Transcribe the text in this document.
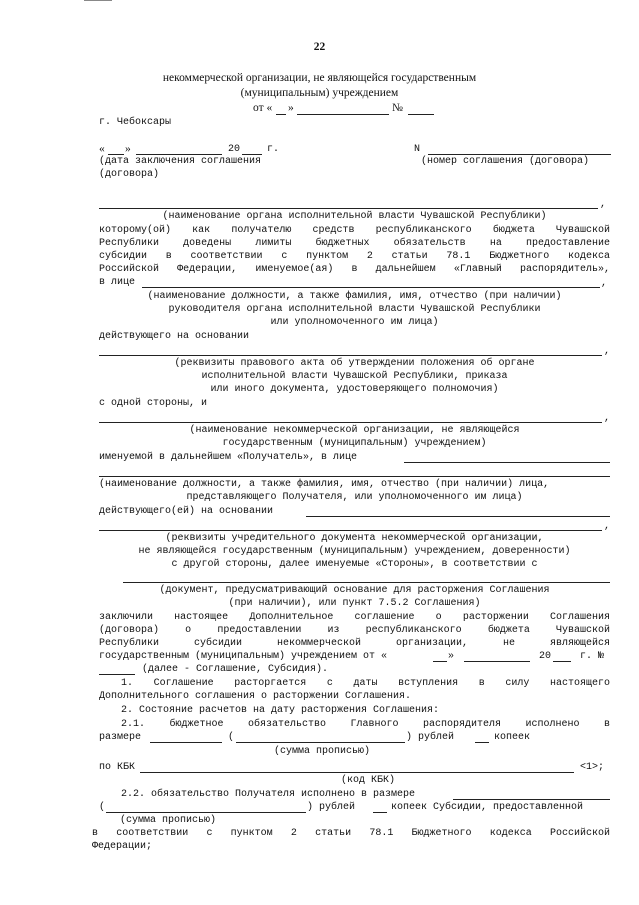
22
некоммерческой организации, не являющейся государственным
(муниципальным) учреждением
от « »	№
г. Чебоксары
« »	20	г.	N
(дата заключения соглашения
(договора)
(номер соглашения (договора)
,
(наименование органа исполнительной власти Чувашской Республики)
которому(ой) как получателю средств республиканского бюджета Чувашской
Республики доведены лимиты бюджетных обязательств на предоставление
субсидии в соответствии с пунктом 2 статьи 78.1 Бюджетного кодекса
Российской Федерации, именуемое(ая) в дальнейшем «Главный распорядитель»,
в лице	,
(наименование должности, а также фамилия, имя, отчество (при наличии)
руководителя органа исполнительной власти Чувашской Республики
или уполномоченного им лица)
действующего на основании
,
(реквизиты правового акта об утверждении положения об органе
исполнительной власти Чувашской Республики, приказа
или иного документа, удостоверяющего полномочия)
с одной стороны, и
,
(наименование некоммерческой организации, не являющейся
государственным (муниципальным) учреждением)
именуемой в дальнейшем «Получатель», в лице
(наименование должности, а также фамилия, имя, отчество (при наличии) лица,
представляющего Получателя, или уполномоченного им лица)
действующего(ей) на основании
,
(реквизиты учредительного документа некоммерческой организации,
не являющейся государственным (муниципальным) учреждением, доверенности)
с другой стороны, далее именуемые «Стороны», в соответствии с
(документ, предусматривающий основание для расторжения Соглашения
(при наличии), или пункт 7.5.2 Соглашения)
заключили настоящее Дополнительное соглашение о расторжении Соглашения
(договора) о предоставлении из республиканского бюджета Чувашской
Республики субсидии некоммерческой организации, не являющейся
государственным (муниципальным) учреждением от «	»	20	г. №
(далее - Соглашение, Субсидия).
1. Соглашение расторгается с даты вступления в силу настоящего
Дополнительного соглашения о расторжении Соглашения.
2. Состояние расчетов на дату расторжения Соглашения:
2.1. бюджетное обязательство Главного распорядителя исполнено в
размере	(	) рублей	копеек
(сумма прописью)
по КБК	<1>;
(код КБК)
2.2. обязательство Получателя исполнено в размере
(	) рублей	копеек Субсидии, предоставленной
(сумма прописью)
в соответствии с пунктом 2 статьи 78.1 Бюджетного кодекса Российской
Федерации;
